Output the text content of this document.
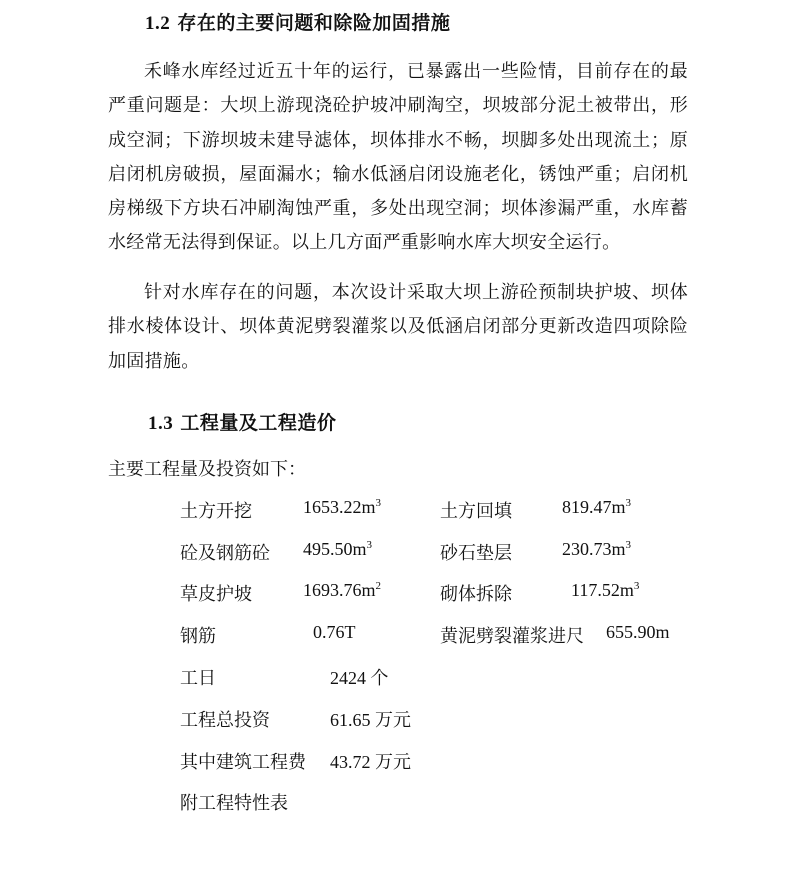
1.2 存在的主要问题和除险加固措施
禾峰水库经过近五十年的运行，已暴露出一些险情，目前存在的最严重问题是：大坝上游现浇砼护坡冲刷淘空，坝坡部分泥土被带出，形成空洞；下游坝坡未建导滤体，坝体排水不畅，坝脚多处出现流土；原启闭机房破损，屋面漏水；输水低涵启闭设施老化，锈蚀严重；启闭机房梯级下方块石冲刷淘蚀严重，多处出现空洞；坝体渗漏严重，水库蓄水经常无法得到保证。以上几方面严重影响水库大坝安全运行。
针对水库存在的问题，本次设计采取大坝上游砼预制块护坡、坝体排水棱体设计、坝体黄泥劈裂灌浆以及低涵启闭部分更新改造四项除险加固措施。
1.3 工程量及工程造价
主要工程量及投资如下：
土方开挖	$1653.22m^3$	土方回填	$819.47m^3$
砼及钢筋砼 $495.50m^3$	砂石垫层	$230.73m^3$
草皮护坡	$1693.76m^2$	砌体拆除	$117.52m^3$
钢筋	0.76T	黄泥劈裂灌浆进尺 655.90m
工日	2424 个
工程总投资	61.65 万元
其中建筑工程费 43.72 万元
附工程特性表
